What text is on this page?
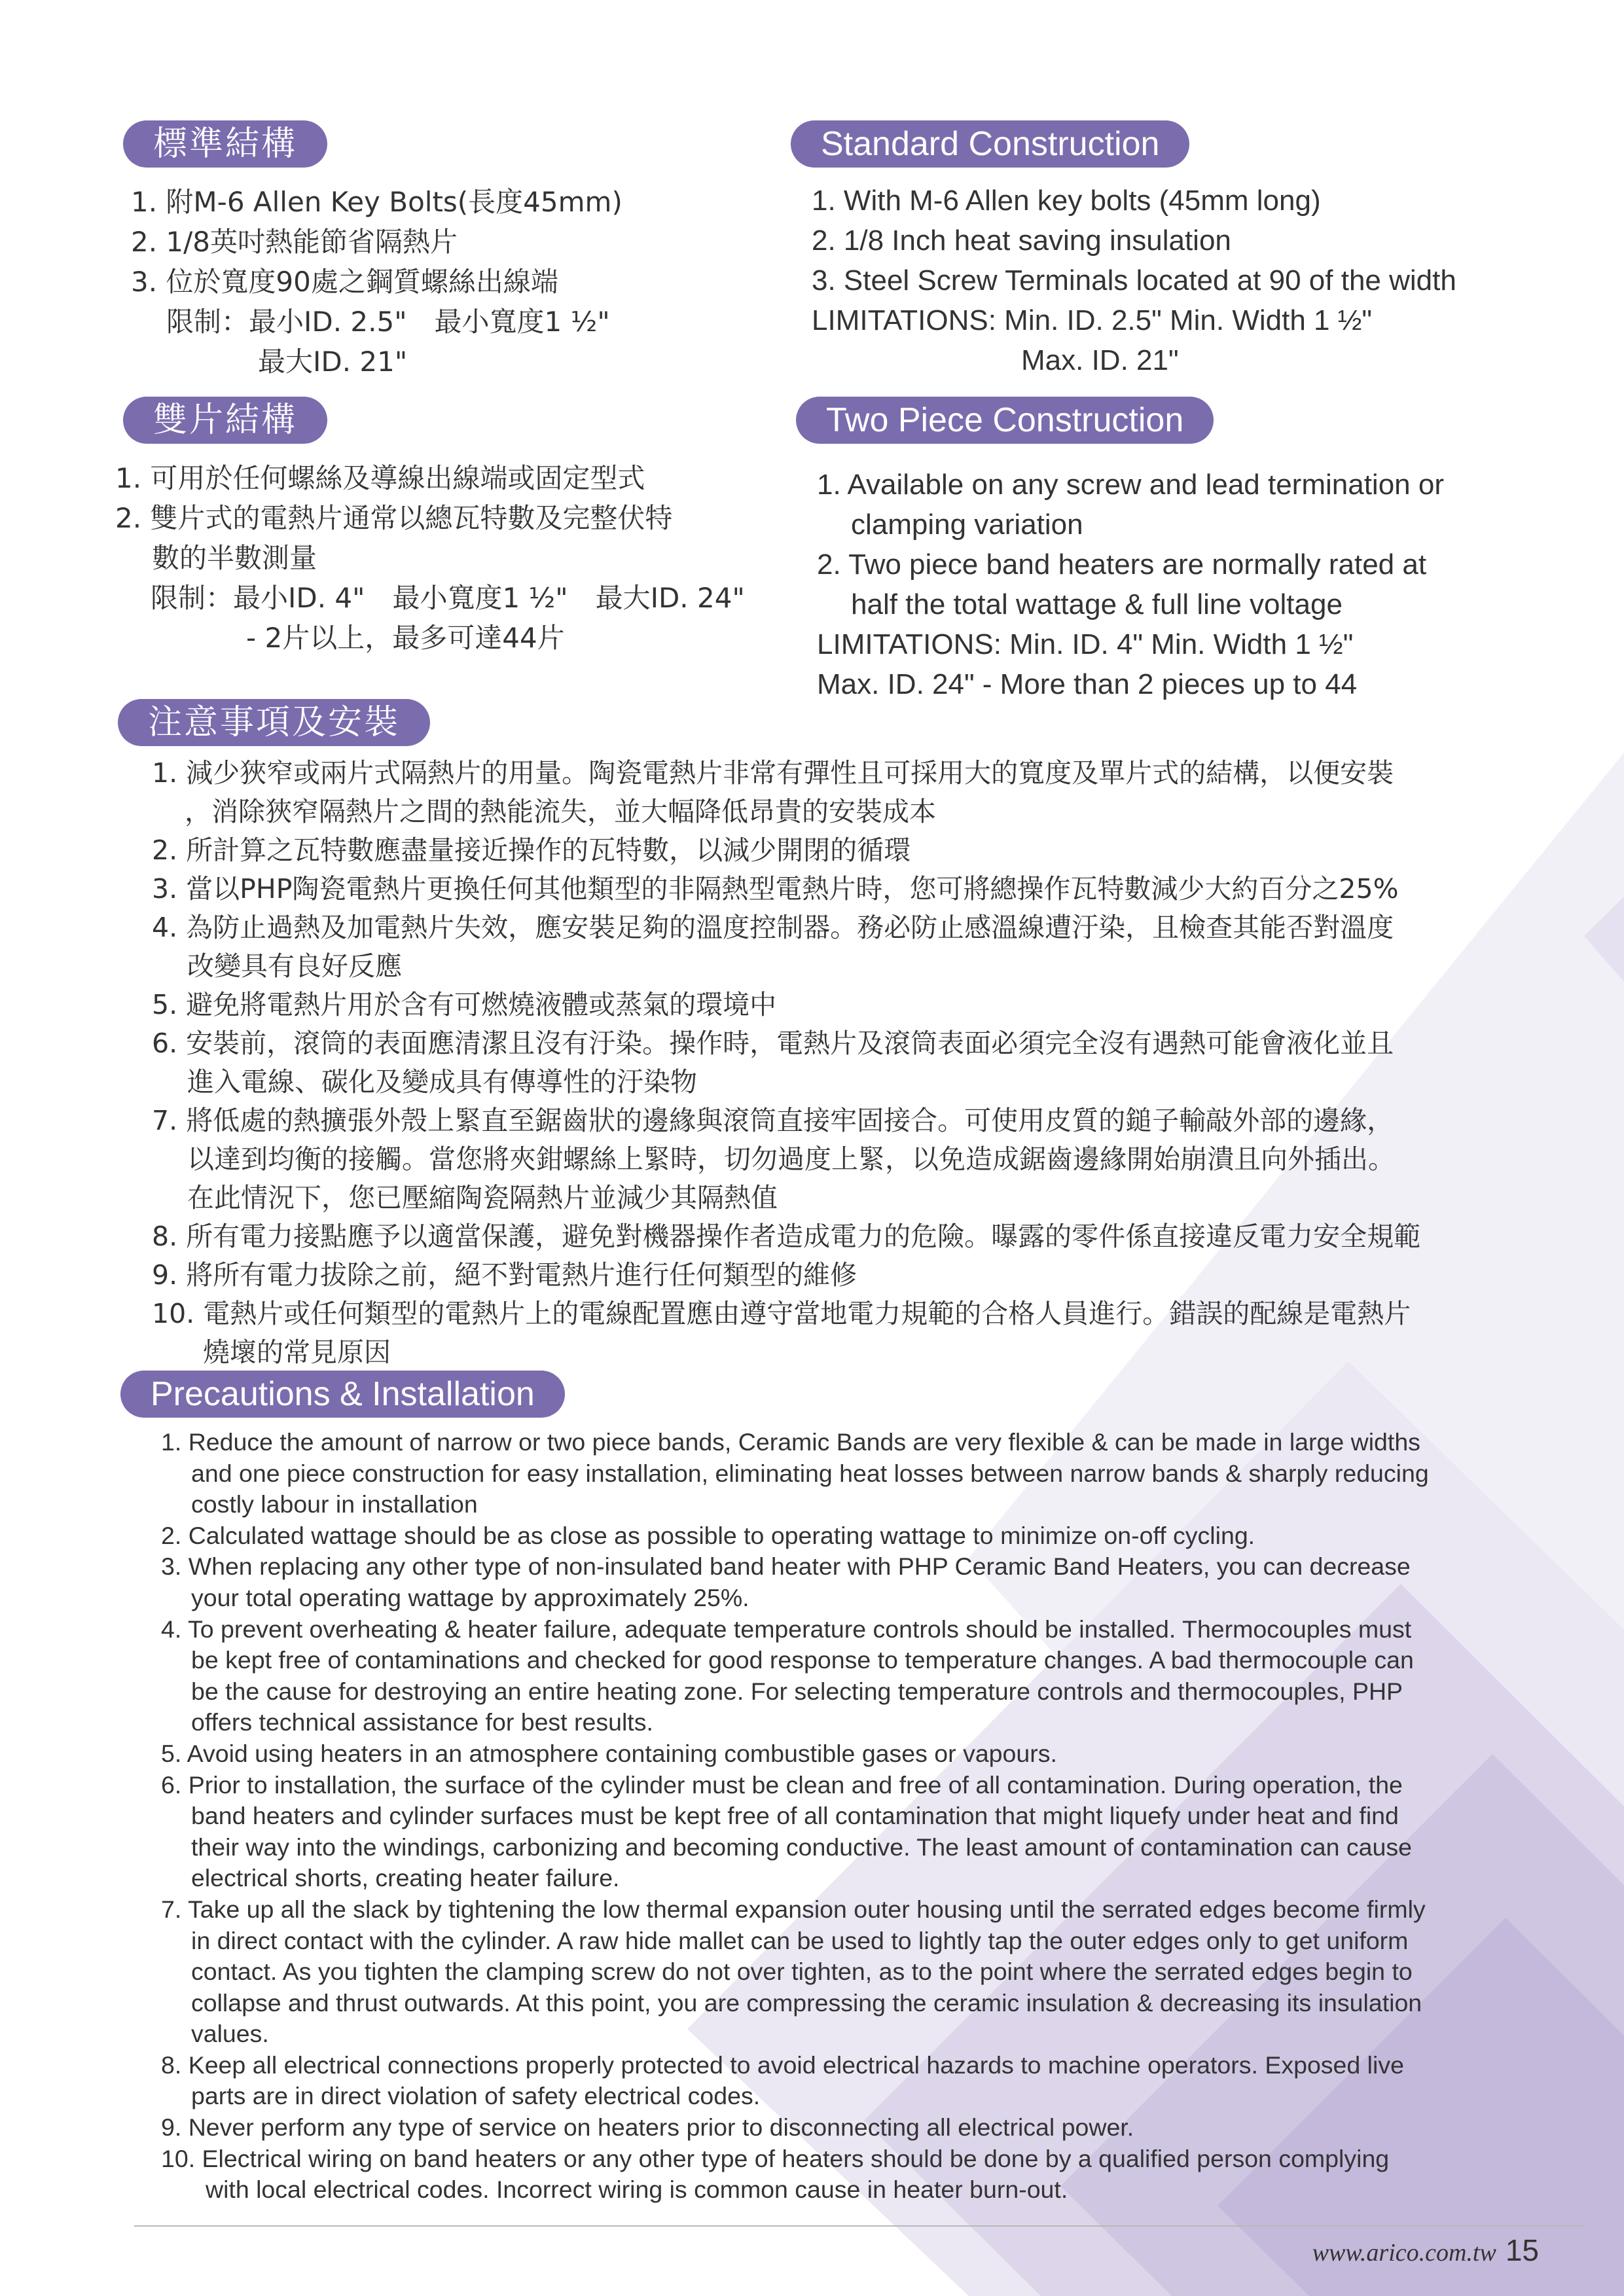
標準結構
1. 附M-6 Allen Key Bolts(長度45mm)
2. 1/8英吋熱能節省隔熱片
3. 位於寬度90處之鋼質螺絲出線端
限制：最小ID. 2.5"　最小寬度1 ½"
最大ID. 21"
Standard Construction
1. With M-6 Allen key bolts (45mm long)
2. 1/8 Inch heat saving insulation
3. Steel Screw Terminals located at 90 of the width
LIMITATIONS: Min. ID. 2.5" Min. Width 1 ½"
Max. ID. 21"
雙片結構
1. 可用於任何螺絲及導線出線端或固定型式
2. 雙片式的電熱片通常以總瓦特數及完整伏特
數的半數測量
限制：最小ID. 4"　最小寬度1 ½"　最大ID. 24"
- 2片以上，最多可達44片
Two Piece Construction
1. Available on any screw and lead termination or
clamping variation
2. Two piece band heaters are normally rated at
half the total wattage & full line voltage
LIMITATIONS: Min. ID. 4" Min. Width 1 ½"
Max. ID. 24" - More than 2 pieces up to 44
注意事項及安裝
1. 減少狹窄或兩片式隔熱片的用量。陶瓷電熱片非常有彈性且可採用大的寬度及單片式的結構，以便安裝
，消除狹窄隔熱片之間的熱能流失，並大幅降低昂貴的安裝成本
2. 所計算之瓦特數應盡量接近操作的瓦特數，以減少開閉的循環
3. 當以PHP陶瓷電熱片更換任何其他類型的非隔熱型電熱片時，您可將總操作瓦特數減少大約百分之25%
4. 為防止過熱及加電熱片失效，應安裝足夠的溫度控制器。務必防止感溫線遭汙染，且檢查其能否對溫度
改變具有良好反應
5. 避免將電熱片用於含有可燃燒液體或蒸氣的環境中
6. 安裝前，滾筒的表面應清潔且沒有汙染。操作時，電熱片及滾筒表面必須完全沒有遇熱可能會液化並且
進入電線、碳化及變成具有傳導性的汙染物
7. 將低處的熱擴張外殼上緊直至鋸齒狀的邊緣與滾筒直接牢固接合。可使用皮質的鎚子輸敲外部的邊緣，
以達到均衡的接觸。當您將夾鉗螺絲上緊時，切勿過度上緊，以免造成鋸齒邊緣開始崩潰且向外插出。
在此情況下，您已壓縮陶瓷隔熱片並減少其隔熱值
8. 所有電力接點應予以適當保護，避免對機器操作者造成電力的危險。曝露的零件係直接違反電力安全規範
9. 將所有電力拔除之前，絕不對電熱片進行任何類型的維修
10. 電熱片或任何類型的電熱片上的電線配置應由遵守當地電力規範的合格人員進行。錯誤的配線是電熱片
燒壞的常見原因
Precautions & Installation
1. Reduce the amount of narrow or two piece bands, Ceramic Bands are very flexible & can be made in large widths
and one piece construction for easy installation, eliminating heat losses between narrow bands & sharply reducing
costly labour in installation
2. Calculated wattage should be as close as possible to operating wattage to minimize on-off cycling.
3. When replacing any other type of non-insulated band heater with PHP Ceramic Band Heaters, you can decrease
your total operating wattage by approximately 25%.
4. To prevent overheating & heater failure, adequate temperature controls should be installed. Thermocouples must
be kept free of contaminations and checked for good response to temperature changes. A bad thermocouple can
be the cause for destroying an entire heating zone. For selecting temperature controls and thermocouples, PHP
offers technical assistance for best results.
5. Avoid using heaters in an atmosphere containing combustible gases or vapours.
6. Prior to installation, the surface of the cylinder must be clean and free of all contamination. During operation, the
band heaters and cylinder surfaces must be kept free of all contamination that might liquefy under heat and find
their way into the windings, carbonizing and becoming conductive. The least amount of contamination can cause
electrical shorts, creating heater failure.
7. Take up all the slack by tightening the low thermal expansion outer housing until the serrated edges become firmly
in direct contact with the cylinder. A raw hide mallet can be used to lightly tap the outer edges only to get uniform
contact. As you tighten the clamping screw do not over tighten, as to the point where the serrated edges begin to
collapse and thrust outwards. At this point, you are compressing the ceramic insulation & decreasing its insulation
values.
8. Keep all electrical connections properly protected to avoid electrical hazards to machine operators. Exposed live
parts are in direct violation of safety electrical codes.
9. Never perform any type of service on heaters prior to disconnecting all electrical power.
10. Electrical wiring on band heaters or any other type of heaters should be done by a qualified person complying
with local electrical codes. Incorrect wiring is common cause in heater burn-out.
www.arico.com.tw 15
